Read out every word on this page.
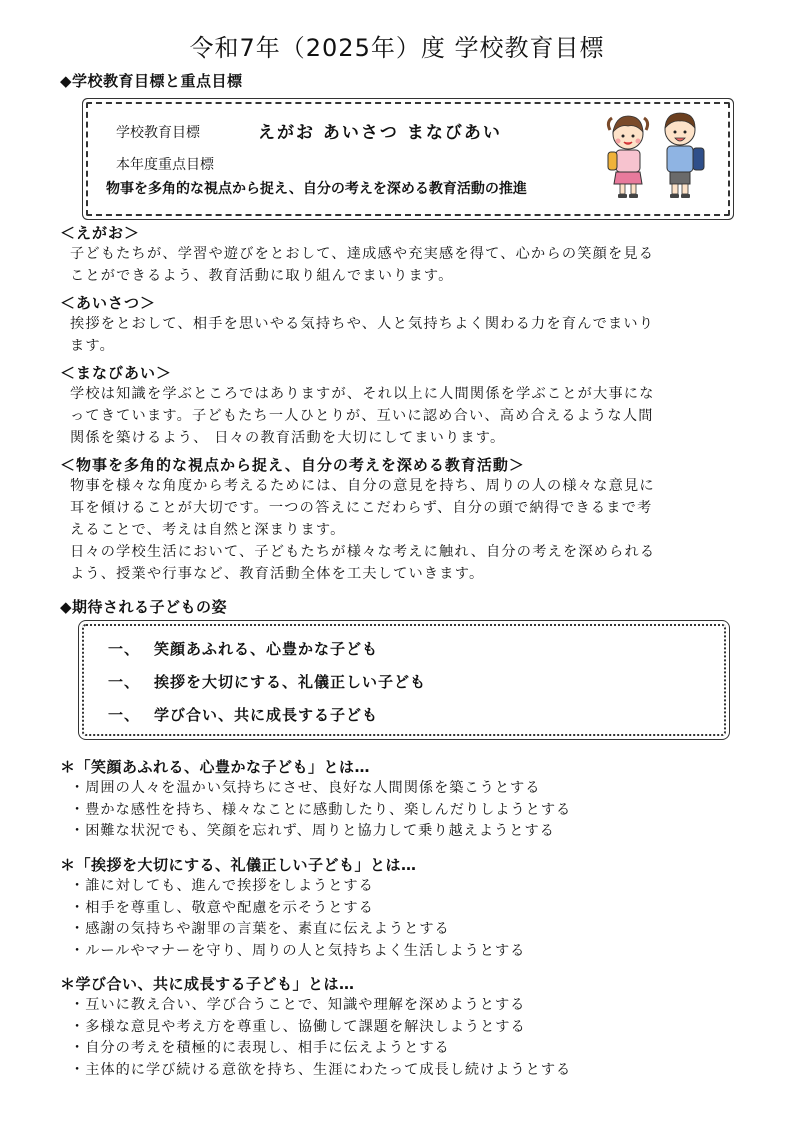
令和7年（2025年）度 学校教育目標
◆学校教育目標と重点目標
学校教育目標	えがお あいさつ まなびあい
本年度重点目標
物事を多角的な視点から捉え、自分の考えを深める教育活動の推進
＜えがお＞
子どもたちが、学習や遊びをとおして、達成感や充実感を得て、心からの笑顔を見る
ことができるよう、教育活動に取り組んでまいります。
＜あいさつ＞
挨拶をとおして、相手を思いやる気持ちや、人と気持ちよく関わる力を育んでまいり
ます。
＜まなびあい＞
学校は知識を学ぶところではありますが、それ以上に人間関係を学ぶことが大事にな
ってきています。子どもたち一人ひとりが、互いに認め合い、高め合えるような人間
関係を築けるよう、 日々の教育活動を大切にしてまいります。
＜物事を多角的な視点から捉え、自分の考えを深める教育活動＞
物事を様々な角度から考えるためには、自分の意見を持ち、周りの人の様々な意見に
耳を傾けることが大切です。一つの答えにこだわらず、自分の頭で納得できるまで考
えることで、考えは自然と深まります。
日々の学校生活において、子どもたちが様々な考えに触れ、自分の考えを深められる
よう、授業や行事など、教育活動全体を工夫していきます。
◆期待される子どもの姿
一、 笑顔あふれる、心豊かな子ども
一、 挨拶を大切にする、礼儀正しい子ども
一、 学び合い、共に成長する子ども
＊「笑顔あふれる、心豊かな子ども」とは…
・周囲の人々を温かい気持ちにさせ、良好な人間関係を築こうとする
・豊かな感性を持ち、様々なことに感動したり、楽しんだりしようとする
・困難な状況でも、笑顔を忘れず、周りと協力して乗り越えようとする
＊「挨拶を大切にする、礼儀正しい子ども」とは…
・誰に対しても、進んで挨拶をしようとする
・相手を尊重し、敬意や配慮を示そうとする
・感謝の気持ちや謝罪の言葉を、素直に伝えようとする
・ルールやマナーを守り、周りの人と気持ちよく生活しようとする
＊学び合い、共に成長する子ども」とは…
・互いに教え合い、学び合うことで、知識や理解を深めようとする
・多様な意見や考え方を尊重し、協働して課題を解決しようとする
・自分の考えを積極的に表現し、相手に伝えようとする
・主体的に学び続ける意欲を持ち、生涯にわたって成長し続けようとする
